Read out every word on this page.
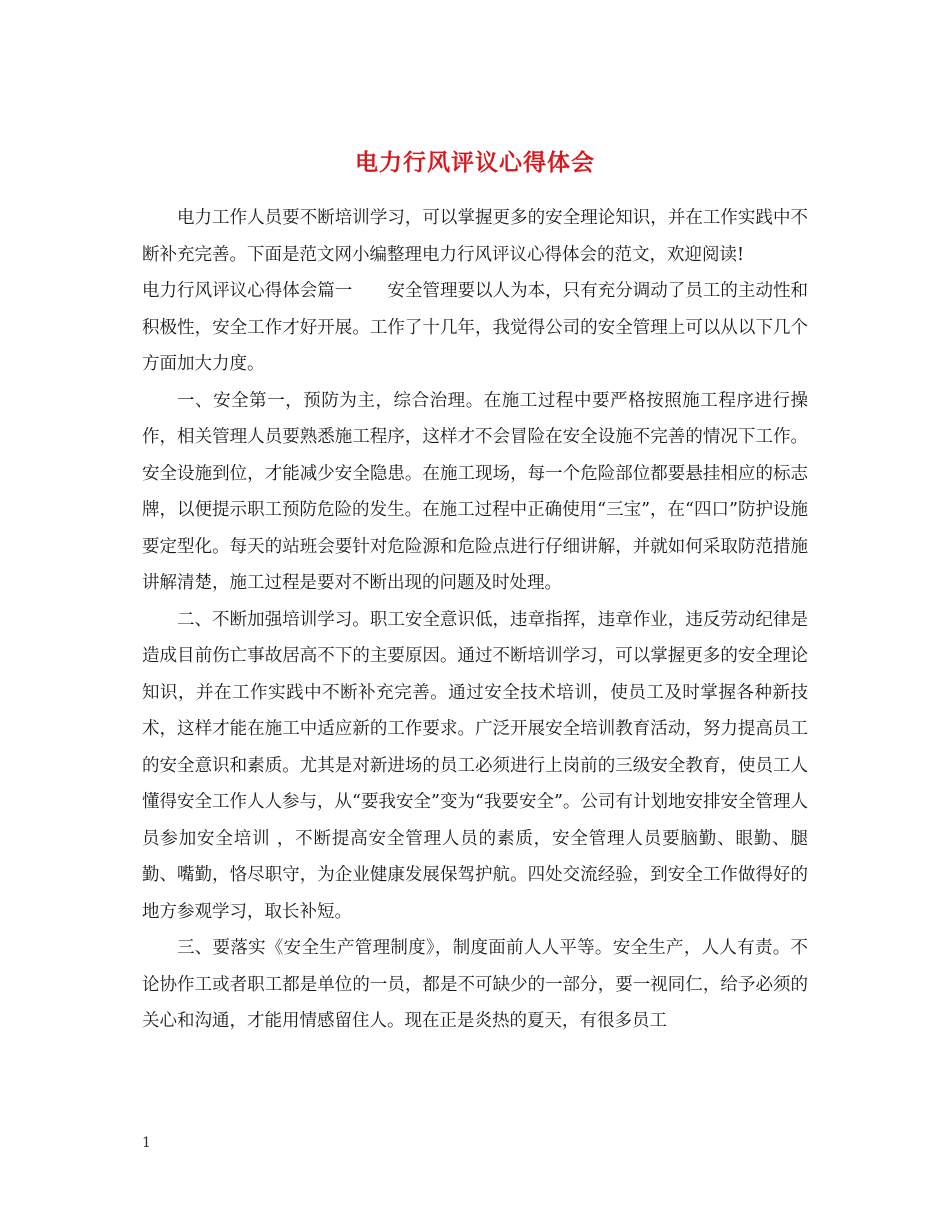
电力行风评议心得体会

电力工作人员要不断培训学习，可以掌握更多的安全理论知识，并在工作实践中不断补充完善。下面是范文网小编整理电力行风评议心得体会的范文，欢迎阅读!

电力行风评议心得体会篇一　　安全管理要以人为本，只有充分调动了员工的主动性和积极性，安全工作才好开展。工作了十几年，我觉得公司的安全管理上可以从以下几个方面加大力度。

一、安全第一，预防为主，综合治理。在施工过程中要严格按照施工程序进行操作，相关管理人员要熟悉施工程序，这样才不会冒险在安全设施不完善的情况下工作。安全设施到位，才能减少安全隐患。在施工现场，每一个危险部位都要悬挂相应的标志牌，以便提示职工预防危险的发生。在施工过程中正确使用“三宝”，在“四口”防护设施要定型化。每天的站班会要针对危险源和危险点进行仔细讲解，并就如何采取防范措施讲解清楚，施工过程是要对不断出现的问题及时处理。

二、不断加强培训学习。职工安全意识低，违章指挥，违章作业，违反劳动纪律是造成目前伤亡事故居高不下的主要原因。通过不断培训学习，可以掌握更多的安全理论知识，并在工作实践中不断补充完善。通过安全技术培训，使员工及时掌握各种新技术，这样才能在施工中适应新的工作要求。广泛开展安全培训教育活动，努力提高员工的安全意识和素质。尤其是对新进场的员工必须进行上岗前的三级安全教育，使员工人懂得安全工作人人参与，从“要我安全”变为“我要安全”。公司有计划地安排安全管理人员参加安全培训 ，不断提高安全管理人员的素质，安全管理人员要脑勤、眼勤、腿勤、嘴勤，恪尽职守，为企业健康发展保驾护航。四处交流经验，到安全工作做得好的地方参观学习，取长补短。

三、要落实《安全生产管理制度》，制度面前人人平等。安全生产，人人有责。不论协作工或者职工都是单位的一员，都是不可缺少的一部分，要一视同仁，给予必须的关心和沟通，才能用情感留住人。现在正是炎热的夏天，有很多员工

1
